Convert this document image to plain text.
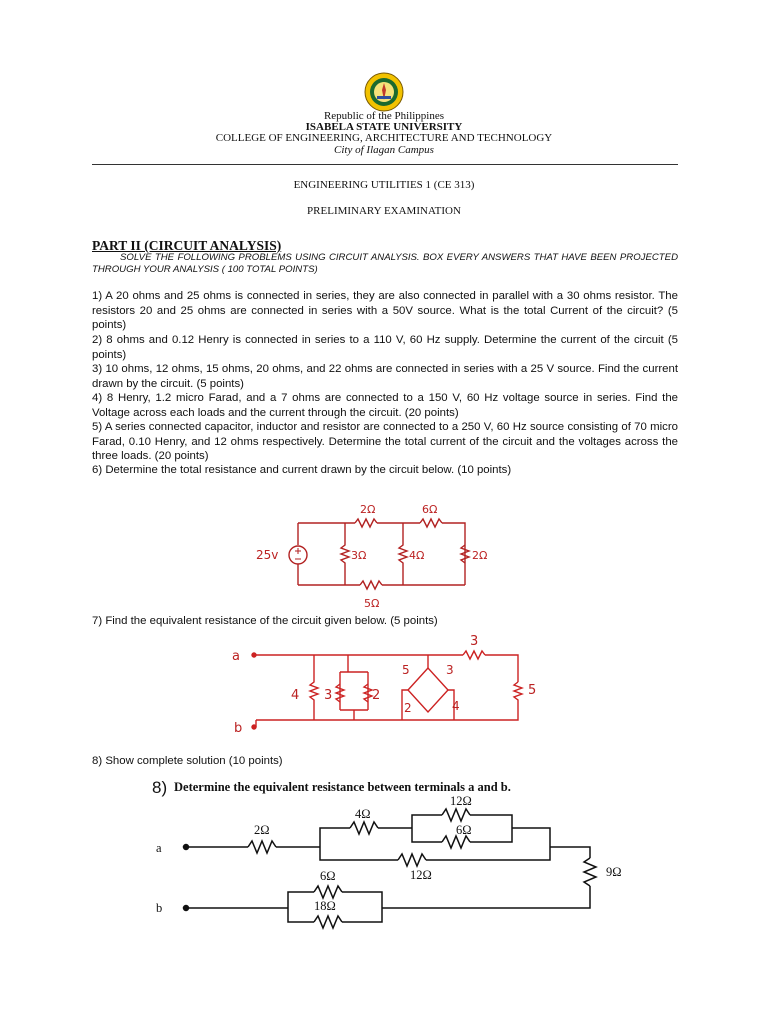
Republic of the Philippines
ISABELA STATE UNIVERSITY
COLLEGE OF ENGINEERING, ARCHITECTURE AND TECHNOLOGY
City of Ilagan Campus
ENGINEERING UTILITIES 1 (CE 313)
PRELIMINARY EXAMINATION
PART II (CIRCUIT ANALYSIS)
SOLVE THE FOLLOWING PROBLEMS USING CIRCUIT ANALYSIS. BOX EVERY ANSWERS THAT HAVE BEEN PROJECTED THROUGH YOUR ANALYSIS ( 100 TOTAL POINTS)
1) A 20 ohms and 25 ohms is connected in series, they are also connected in parallel with a 30 ohms resistor. The resistors 20 and 25 ohms are connected in series with a 50V source. What is the total Current of the circuit? (5 points)
2) 8 ohms and 0.12 Henry is connected in series to a 110 V, 60 Hz supply. Determine the current of the circuit (5 points)
3) 10 ohms, 12 ohms, 15 ohms, 20 ohms, and 22 ohms are connected in series with a 25 V source. Find the current drawn by the circuit. (5 points)
4) 8 Henry, 1.2 micro Farad, and a 7 ohms are connected to a 150 V, 60 Hz voltage source in series. Find the Voltage across each loads and the current through the circuit. (20 points)
5) A series connected capacitor, inductor and resistor are connected to a 250 V, 60 Hz source consisting of 70 micro Farad, 0.10 Henry, and 12 ohms respectively. Determine the total current of the circuit and the voltages across the three loads. (20 points)
6) Determine the total resistance and current drawn by the circuit below. (10 points)
2Ω	6Ω
25v	3Ω	4Ω	2Ω
5Ω
7) Find the equivalent resistance of the circuit given below. (5 points)
a
b
4 3	2
5	3
2	4
3
5
8) Show complete solution (10 points)
8) Determine the equivalent resistance between terminals a and b.
a
b
2Ω
4Ω
12Ω
6Ω
12Ω	9Ω
6Ω
18Ω
